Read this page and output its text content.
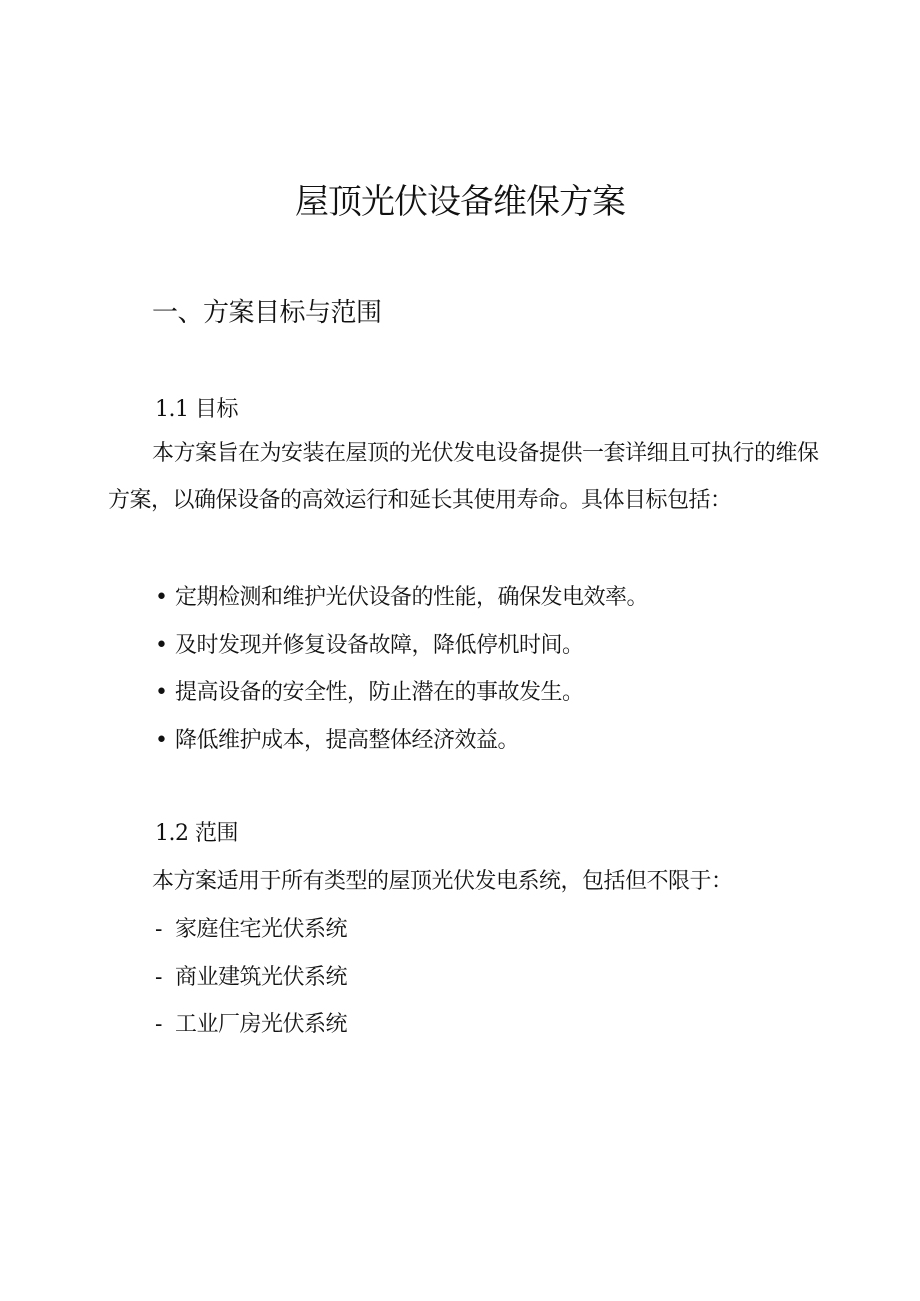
屋顶光伏设备维保方案
一、方案目标与范围
1.1 目标

本方案旨在为安装在屋顶的光伏发电设备提供一套详细且可执行的维保方案，以确保设备的高效运行和延长其使用寿命。具体目标包括：

• 定期检测和维护光伏设备的性能，确保发电效率。
• 及时发现并修复设备故障，降低停机时间。
• 提高设备的安全性，防止潜在的事故发生。
• 降低维护成本，提高整体经济效益。
1.2 范围

本方案适用于所有类型的屋顶光伏发电系统，包括但不限于：

- 家庭住宅光伏系统
- 商业建筑光伏系统
- 工业厂房光伏系统
